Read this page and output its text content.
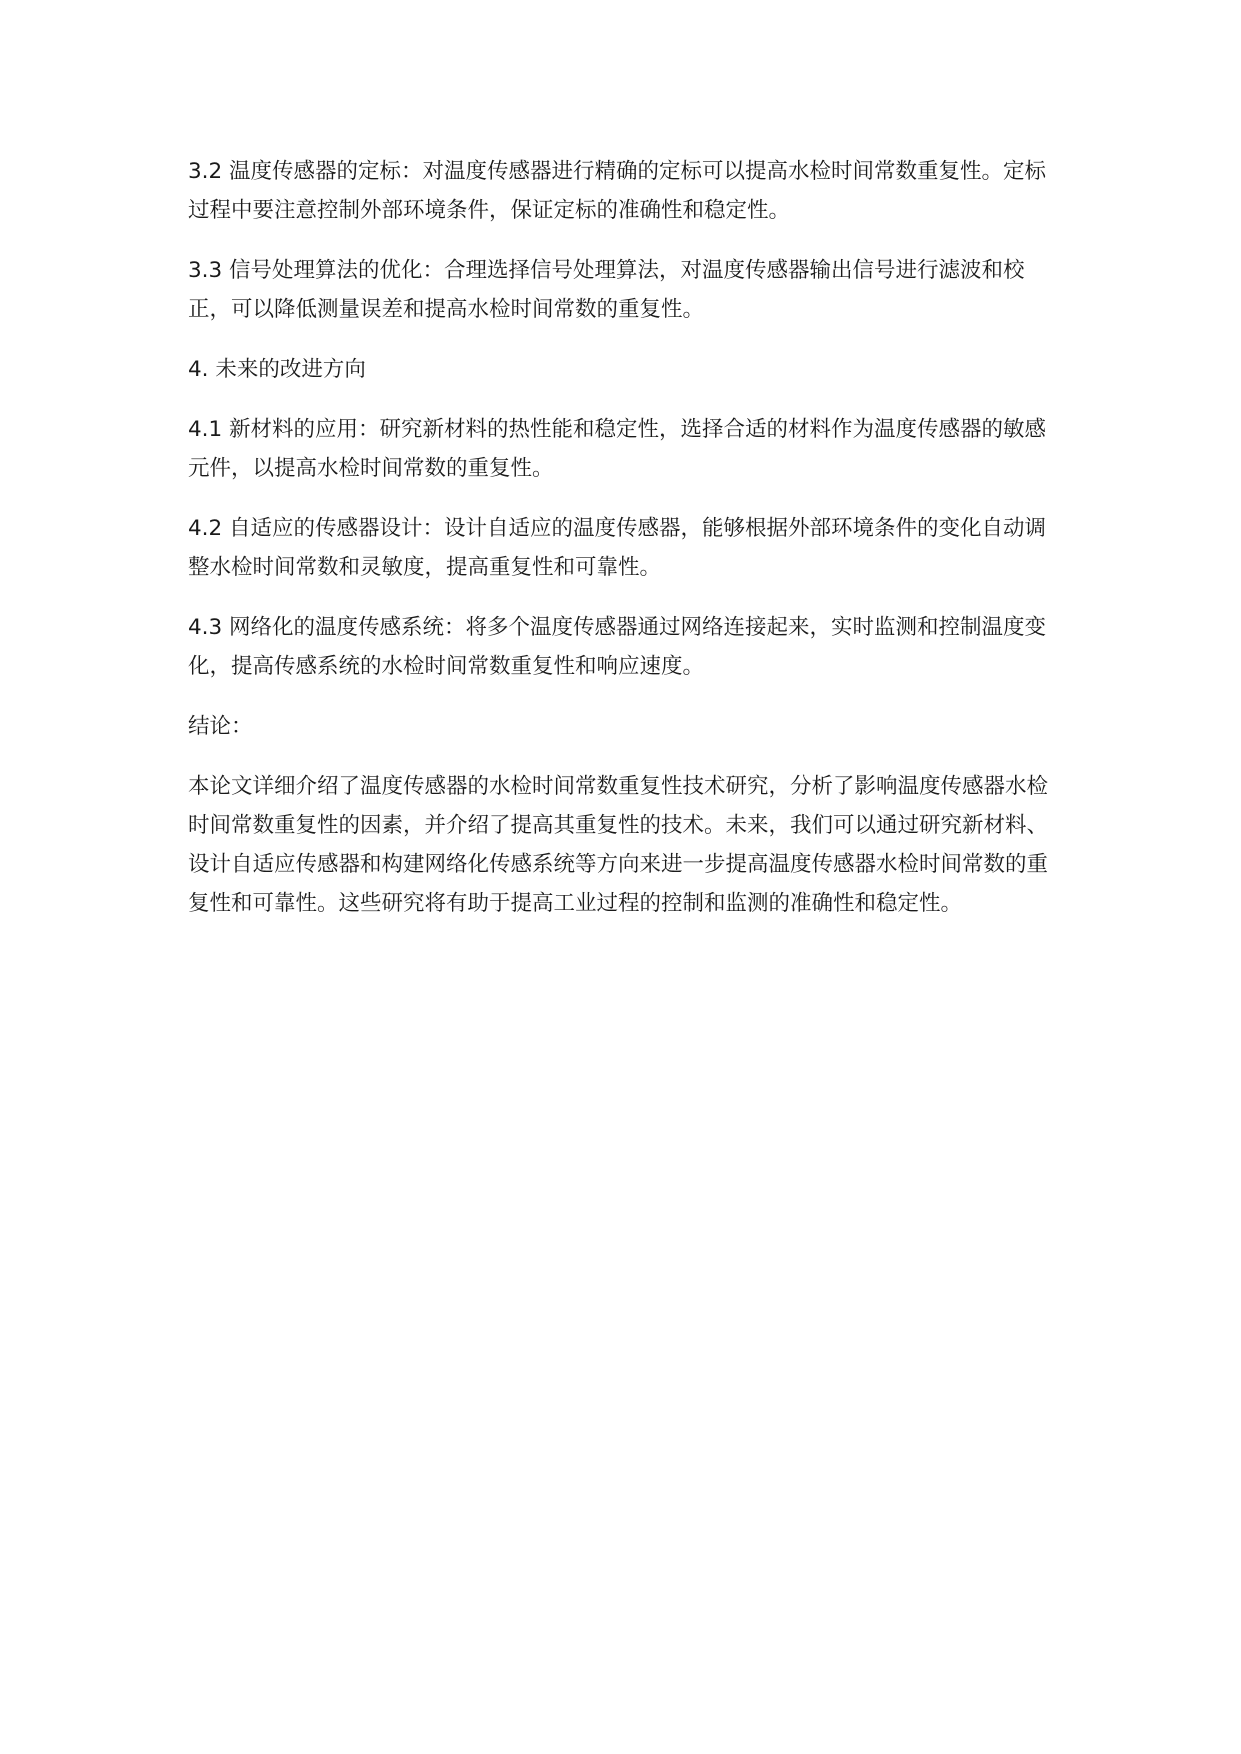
3.2 温度传感器的定标：对温度传感器进行精确的定标可以提高水检时间常数重复性。定标过程中要注意控制外部环境条件，保证定标的准确性和稳定性。

3.3 信号处理算法的优化：合理选择信号处理算法，对温度传感器输出信号进行滤波和校正，可以降低测量误差和提高水检时间常数的重复性。

4. 未来的改进方向

4.1 新材料的应用：研究新材料的热性能和稳定性，选择合适的材料作为温度传感器的敏感元件，以提高水检时间常数的重复性。

4.2 自适应的传感器设计：设计自适应的温度传感器，能够根据外部环境条件的变化自动调整水检时间常数和灵敏度，提高重复性和可靠性。

4.3 网络化的温度传感系统：将多个温度传感器通过网络连接起来，实时监测和控制温度变化，提高传感系统的水检时间常数重复性和响应速度。

结论：

本论文详细介绍了温度传感器的水检时间常数重复性技术研究，分析了影响温度传感器水检时间常数重复性的因素，并介绍了提高其重复性的技术。未来，我们可以通过研究新材料、设计自适应传感器和构建网络化传感系统等方向来进一步提高温度传感器水检时间常数的重复性和可靠性。这些研究将有助于提高工业过程的控制和监测的准确性和稳定性。
